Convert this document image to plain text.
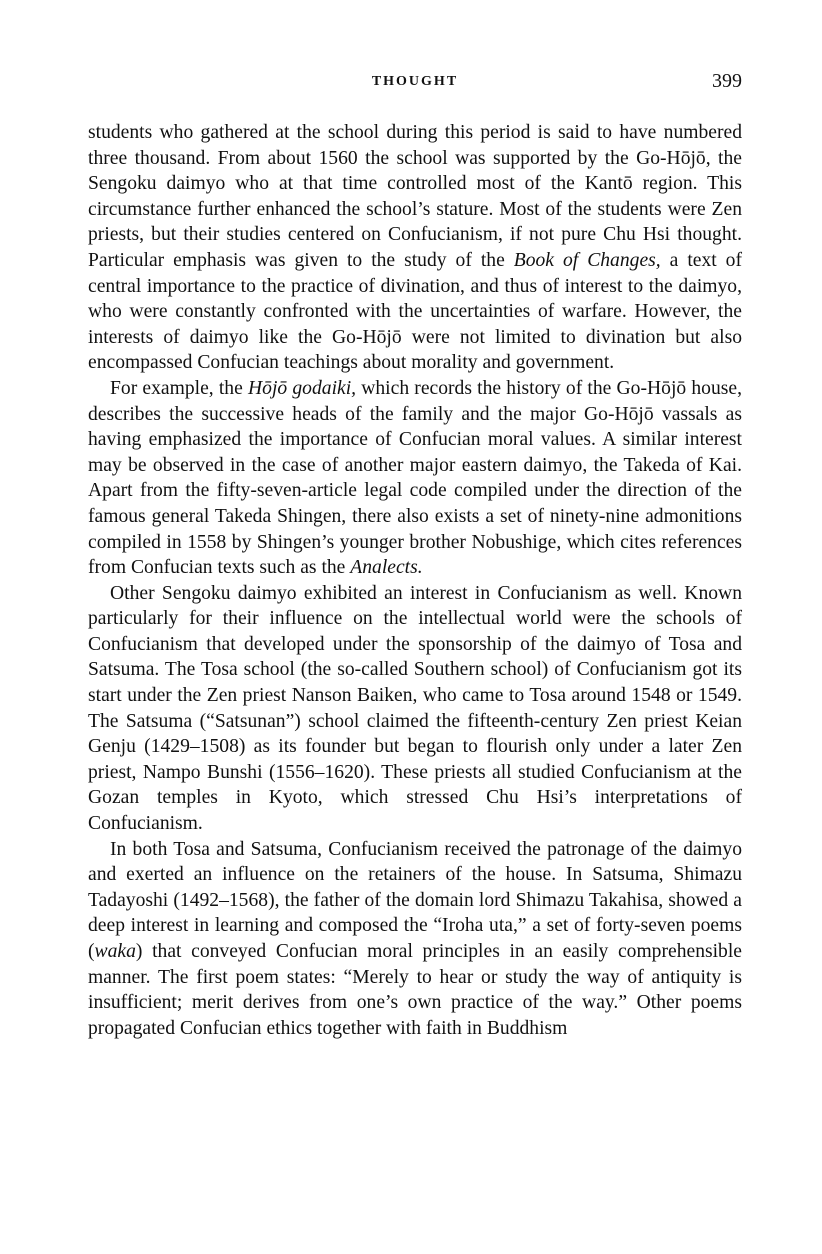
THOUGHT	399

students who gathered at the school during this period is said to have numbered three thousand. From about 1560 the school was supported by the Go-Hōjō, the Sengoku daimyo who at that time controlled most of the Kantō region. This circumstance further enhanced the school’s stature. Most of the students were Zen priests, but their studies centered on Confucianism, if not pure Chu Hsi thought. Particular emphasis was given to the study of the Book of Changes, a text of central importance to the practice of divination, and thus of interest to the daimyo, who were constantly confronted with the uncertainties of warfare. However, the interests of daimyo like the Go-Hōjō were not limited to divination but also encompassed Confucian teachings about morality and government.

For example, the Hōjō godaiki, which records the history of the Go-Hōjō house, describes the successive heads of the family and the major Go-Hōjō vassals as having emphasized the importance of Confucian moral values. A similar interest may be observed in the case of another major eastern daimyo, the Takeda of Kai. Apart from the fifty-seven-article legal code compiled under the direction of the famous general Takeda Shingen, there also exists a set of ninety-nine admonitions compiled in 1558 by Shingen’s younger brother Nobushige, which cites references from Confucian texts such as the Analects.

Other Sengoku daimyo exhibited an interest in Confucianism as well. Known particularly for their influence on the intellectual world were the schools of Confucianism that developed under the sponsorship of the daimyo of Tosa and Satsuma. The Tosa school (the so-called Southern school) of Confucianism got its start under the Zen priest Nanson Baiken, who came to Tosa around 1548 or 1549. The Satsuma (“Satsunan”) school claimed the fifteenth-century Zen priest Keian Genju (1429–1508) as its founder but began to flourish only under a later Zen priest, Nampo Bunshi (1556–1620). These priests all studied Confucianism at the Gozan temples in Kyoto, which stressed Chu Hsi’s interpretations of Confucianism.

In both Tosa and Satsuma, Confucianism received the patronage of the daimyo and exerted an influence on the retainers of the house. In Satsuma, Shimazu Tadayoshi (1492–1568), the father of the domain lord Shimazu Takahisa, showed a deep interest in learning and composed the “Iroha uta,” a set of forty-seven poems (waka) that conveyed Confucian moral principles in an easily comprehensible manner. The first poem states: “Merely to hear or study the way of antiquity is insufficient; merit derives from one’s own practice of the way.” Other poems propagated Confucian ethics together with faith in Buddhism
